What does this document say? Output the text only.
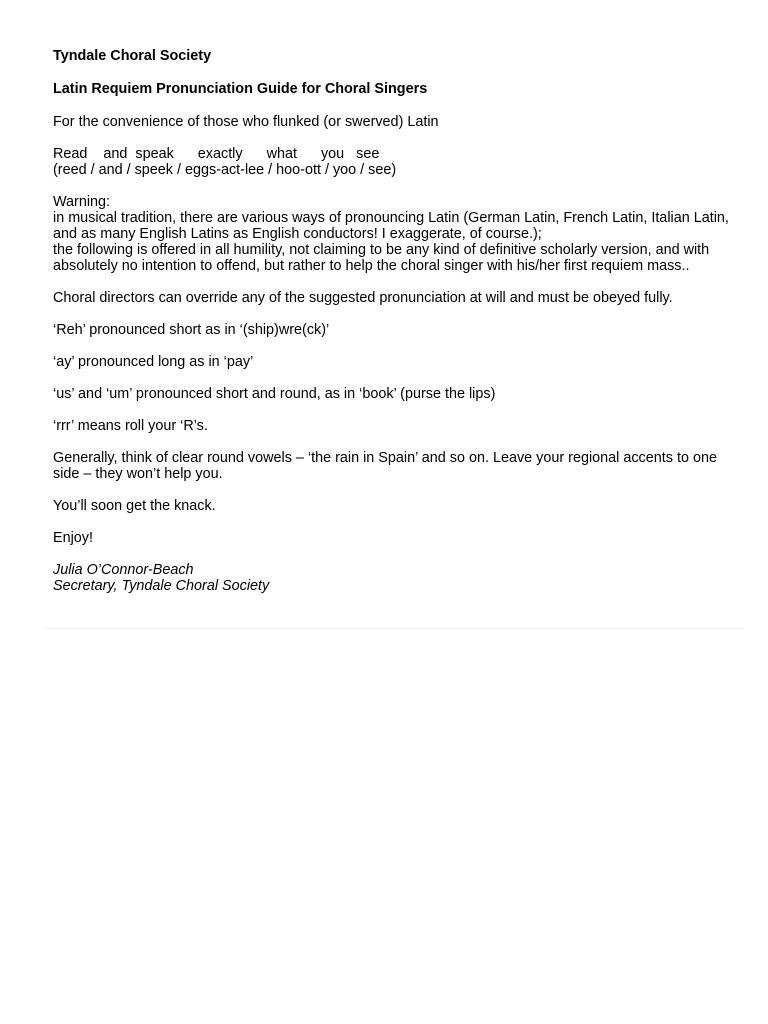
Tyndale Choral Society

Latin Requiem Pronunciation Guide for Choral Singers

For the convenience of those who flunked (or swerved) Latin

Read    and  speak      exactly      what      you   see
(reed / and / speek / eggs-act-lee / hoo-ott / yoo / see)
Warning:
in musical tradition, there are various ways of pronouncing Latin (German Latin, French Latin, Italian Latin, and as many English Latins as English conductors! I exaggerate, of course.);
the following is offered in all humility, not claiming to be any kind of definitive scholarly version, and with absolutely no intention to offend, but rather to help the choral singer with his/her first requiem mass..

Choral directors can override any of the suggested pronunciation at will and must be obeyed fully.

‘Reh’ pronounced short as in ‘(ship)wre(ck)’

‘ay’ pronounced long as in ‘pay’

‘us’ and ‘um’ pronounced short and round, as in ‘book’ (purse the lips)

‘rrr’ means roll your ‘R’s.

Generally, think of clear round vowels – ‘the rain in Spain’ and so on. Leave your regional accents to one side – they won’t help you.

You’ll soon get the knack.

Enjoy!

Julia O’Connor-Beach
Secretary, Tyndale Choral Society
